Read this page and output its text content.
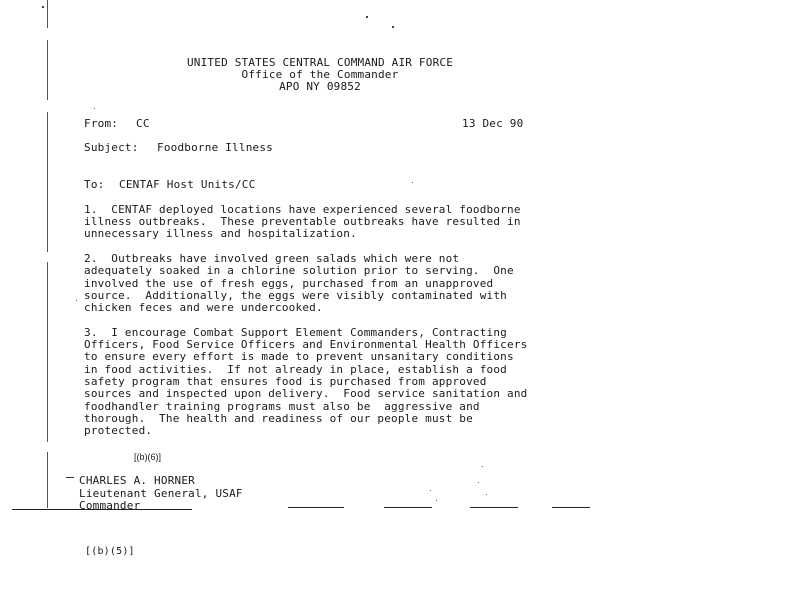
UNITED STATES CENTRAL COMMAND AIR FORCE
Office of the Commander
APO NY 09852
From: CC	13 Dec 90
Subject: Foodborne Illness
To: CENTAF Host Units/CC
1.  CENTAF deployed locations have experienced several foodborne
illness outbreaks.  These preventable outbreaks have resulted in
unnecessary illness and hospitalization.
2.  Outbreaks have involved green salads which were not
adequately soaked in a chlorine solution prior to serving.  One
involved the use of fresh eggs, purchased from an unapproved
source.  Additionally, the eggs were visibly contaminated with
chicken feces and were undercooked.
3.  I encourage Combat Support Element Commanders, Contracting
Officers, Food Service Officers and Environmental Health Officers
to ensure every effort is made to prevent unsanitary conditions
in food activities.  If not already in place, establish a food
safety program that ensures food is purchased from approved
sources and inspected upon delivery.  Food service sanitation and
foodhandler training programs must also be  aggressive and
thorough.  The health and readiness of our people must be
protected.
[(b)(6)]
CHARLES A. HORNER
Lieutenant General, USAF
Commander
[(b)(5)]
